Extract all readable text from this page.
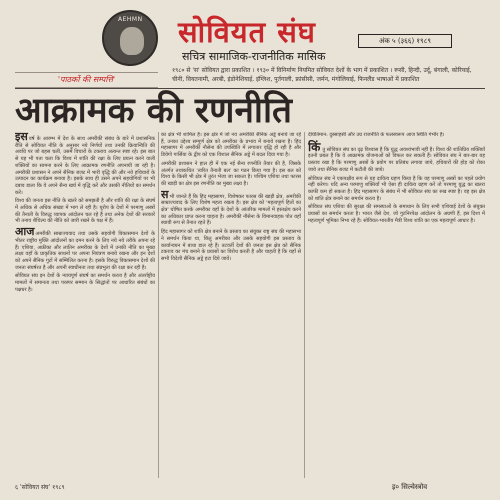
AEHMN सोवियत संघ
सचित्र सामाजिक-राजनीतिक मासिक
अंक ५ (३६६) १९८९
१९८० से 'स' सोवियत द्वारा प्रकाशित । १९३० में विनिर्माण नियमित सोवियत देशों के भाग में प्रकाशित । रूसी, हिन्दी, उर्दू, बंगाली, कोरियाई, चीनी, वियतनामी, अरबी, इंडोनेशियाई, इंग्लिश, पुर्तगाली, फ्रांसीसी, जर्मन, मंगोलियाई, फिनलैंड भाषाओं में प्रकाशित
'पाठकों की सम्पत्ति'
आक्रामक की रणनीति

इसवर्ष के आरम्भ में देश के साथ अमरीकी संबंध के बारे में प्रशासनिक रीति से सोवियत नीति के अनुसार नये निर्णयों तथा उनकी क्रियान्विति की अवधि पर जो बहस चली, उसमें विचारों के टकराव अत्यन्त स्पष्ट रहे। इस बात से यह भी पता चला कि विश्व में शांति की रक्षा के लिए प्रयत्न करने वाली शक्तियों का सामना करने के लिए आक्रामक रणनीति अपनायी जा रही है। अमरीकी प्रशासन ने अपने सैनिक बजट में भारी वृद्धि की और नये हथियारों के उत्पादन का कार्यक्रम बनाया है। इसके साथ ही उसने अपने सहयोगियों पर भी दबाव डाला कि वे अपने सैन्य खर्च में वृद्धि करें और उसकी नीतियों का समर्थन करें।

विश्व की जनता इस नीति के खतरे को समझती है और शांति की रक्षा के संघर्ष में अधिक से अधिक संख्या में भाग ले रही है। यूरोप के देशों में परमाणु अस्त्रों की तैनाती के विरुद्ध व्यापक आंदोलन चल रहे हैं तथा अनेक देशों की सरकारें भी तनाव शैथिल्य की नीति को जारी रखने के पक्ष में हैं।

आजअमरीकी साम्राज्यवाद तथा उसके सहयोगी विकासमान देशों के भीतर राष्ट्रीय मुक्ति आंदोलनों का दमन करने के लिए नये नये तरीके अपना रहे हैं। एशिया, अफ्रीका और लातिन अमरीका के देशों में उनकी नीति का मुख्य लक्ष्य वहाँ के प्राकृतिक साधनों पर अपना नियंत्रण बनाये रखना और इन देशों को अपने सैनिक गुटों में सम्मिलित करना है। इसके विरुद्ध विकासमान देशों की जनता संघर्षरत है और अपनी स्वाधीनता तथा संप्रभुता की रक्षा कर रही है।

सोवियत संघ इन देशों के न्यायपूर्ण संघर्ष का समर्थन करता है और अंतर्राष्ट्रीय मामलों में समानता तथा परस्पर सम्मान के सिद्धांतों पर आधारित संबंधों का पक्षधर है।

का क्षेत्र भी शामिल है। इस क्षेत्र में जो नव अमरीकी सैनिक अड्डे बनाये जा रहे हैं, उनका उद्देश्य सम्पूर्ण क्षेत्र को अमरीका के प्रभाव में बनाये रखना है। हिंद महासागर में अमरीकी नौसेना की उपस्थिति में लगातार वृद्धि हो रही है और डियेगो गार्सिया के द्वीप को एक विशाल सैनिक अड्डे में बदल दिया गया है।

अमरीकी प्रशासन ने हाल ही में एक नई सैन्य रणनीति तैयार की है, जिसके अंतर्गत तथाकथित 'त्वरित तैनाती बल' का गठन किया गया है। इस बल को विश्व के किसी भी क्षेत्र में तुरंत भेजा जा सकता है। पश्चिम एशिया तथा फारस की खाड़ी का क्षेत्र इस रणनीति का मुख्य लक्ष्य है।

सभी जानते हैं कि हिंद महासागर, विशेषकर फारस की खाड़ी क्षेत्र, अमरीकी साम्राज्यवाद के लिए विशेष महत्व रखता है। इस क्षेत्र को 'महत्वपूर्ण हितों का क्षेत्र' घोषित करके अमरीका वहाँ के देशों के आंतरिक मामलों में हस्तक्षेप करने का अधिकार प्राप्त करना चाहता है। अमरीकी नौसेना के विमानवाहक पोत यहाँ स्थायी रूप से तैनात रहते हैं।

हिंद महासागर को शांति क्षेत्र बनाने के प्रस्ताव का संयुक्त राष्ट्र संघ की महासभा ने समर्थन किया था, किंतु अमरीका और उसके सहयोगी इस प्रस्ताव के कार्यान्वयन में बाधा डाल रहे हैं। तटवर्ती देशों की जनता इस क्षेत्र को सैनिक टकराव का मंच बनाने के प्रयासों का विरोध करती है और चाहती है कि यहाँ से सभी विदेशी सैनिक अड्डे हटा दिये जायें।

दीर्घतिमान: दुस्साहसी और उग्र राजनीति के फलस्वरूप आज स्थिति गंभीर है।

किंतु सोवियत संघ का दृढ़ विश्वास है कि युद्ध अवश्यंभावी नहीं है। विश्व की शांतिप्रिय शक्तियाँ इतनी प्रबल हैं कि वे आक्रामक योजनाओं को विफल कर सकती हैं। सोवियत संघ ने बार-बार यह प्रस्ताव रखा है कि परमाणु अस्त्रों के प्रयोग पर प्रतिबंध लगाया जाये, हथियारों की होड़ को रोका जाये तथा सैनिक बजट में कटौती की जाये।

सोवियत संघ ने एकपक्षीय रूप से यह दायित्व ग्रहण किया है कि वह परमाणु अस्त्रों का पहले प्रयोग नहीं करेगा। यदि अन्य परमाणु शक्तियाँ भी ऐसा ही दायित्व ग्रहण करें तो परमाणु युद्ध का खतरा काफी कम हो सकता है। हिंद महासागर के संबंध में भी सोवियत संघ का रुख स्पष्ट है। वह इस क्षेत्र को शांति क्षेत्र बनाने का समर्थन करता है।

सोवियत संघ एशिया की सुरक्षा की समस्याओं के समाधान के लिए सभी एशियाई देशों के संयुक्त प्रयासों का समर्थन करता है। भारत जैसे देश, जो गुटनिरपेक्ष आंदोलन के अग्रणी हैं, इस दिशा में महत्वपूर्ण भूमिका निभा रहे हैं। सोवियत-भारतीय मैत्री विश्व शांति का एक महत्वपूर्ण आधार है।

६ 'सोवियत संघ' १९८९	इ० सिल्वेस्त्रोव
